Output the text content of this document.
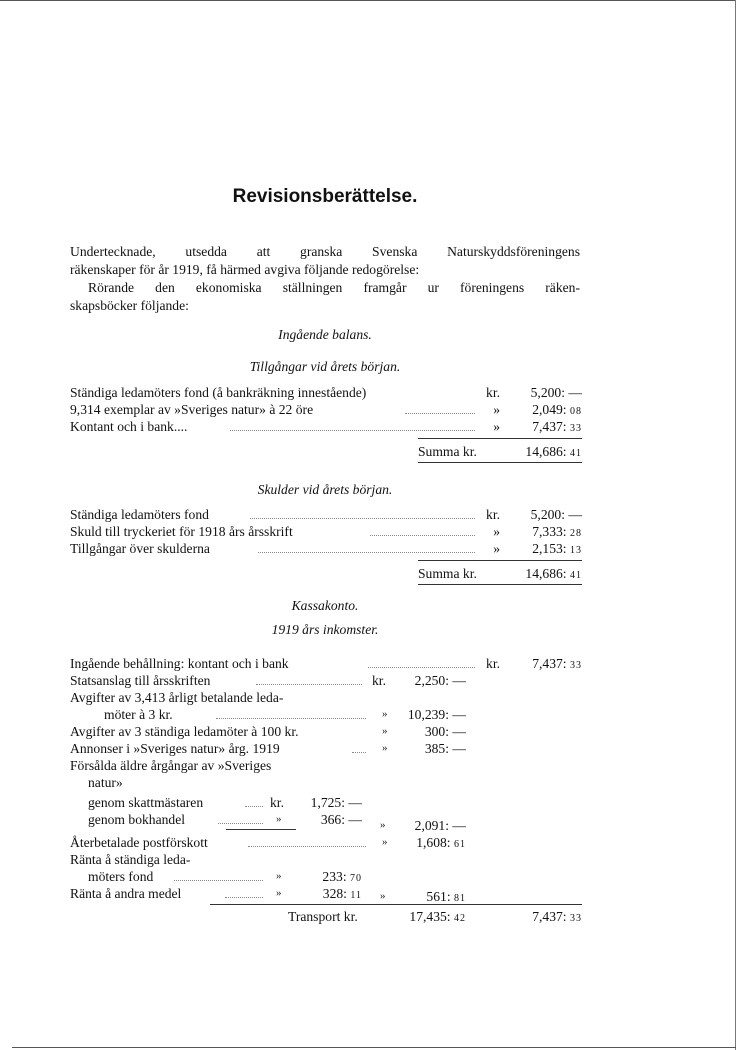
Revisionsberättelse.
Undertecknade, utsedda att granska Svenska Naturskyddsföreningens
räkenskaper för år 1919, få härmed avgiva följande redogörelse:
Rörande den ekonomiska ställningen framgår ur föreningens räken-
skapsböcker följande:
Ingående balans.
Tillgångar vid årets början.
Ständiga ledamöters fond (å bankräkning innestående)	kr.	5,200: —
9,314 exemplar av »Sveriges natur» à 22 öre	»	2,049: 08
Kontant och i bank....	»	7,437: 33
Summa kr.	14,686: 41
Skulder vid årets början.
Ständiga ledamöters fond	kr.	5,200: —
Skuld till tryckeriet för 1918 års årsskrift	»	7,333: 28
Tillgångar över skulderna	»	2,153: 13
Summa kr.	14,686: 41
Kassakonto.
1919 års inkomster.
Ingående behållning: kontant och i bank	kr.	7,437: 33
Statsanslag till årsskriften	kr.	2,250: —
Avgifter av 3,413 årligt betalande leda-
möter à 3 kr.	»	10,239: —
Avgifter av 3 ständiga ledamöter à 100 kr.	»	300: —
Annonser i »Sveriges natur» årg. 1919	»	385: —
Försålda äldre årgångar av »Sveriges
natur»
genom skattmästaren	kr.	1,725: —
genom bokhandel	»	366: — »	2,091: —
Återbetalade postförskott	»	1,608: 61
Ränta å ständiga leda-
möters fond	»	233: 70
Ränta å andra medel	»	328: 11 »	561: 81
Transport kr.	17,435: 42	7,437: 33
